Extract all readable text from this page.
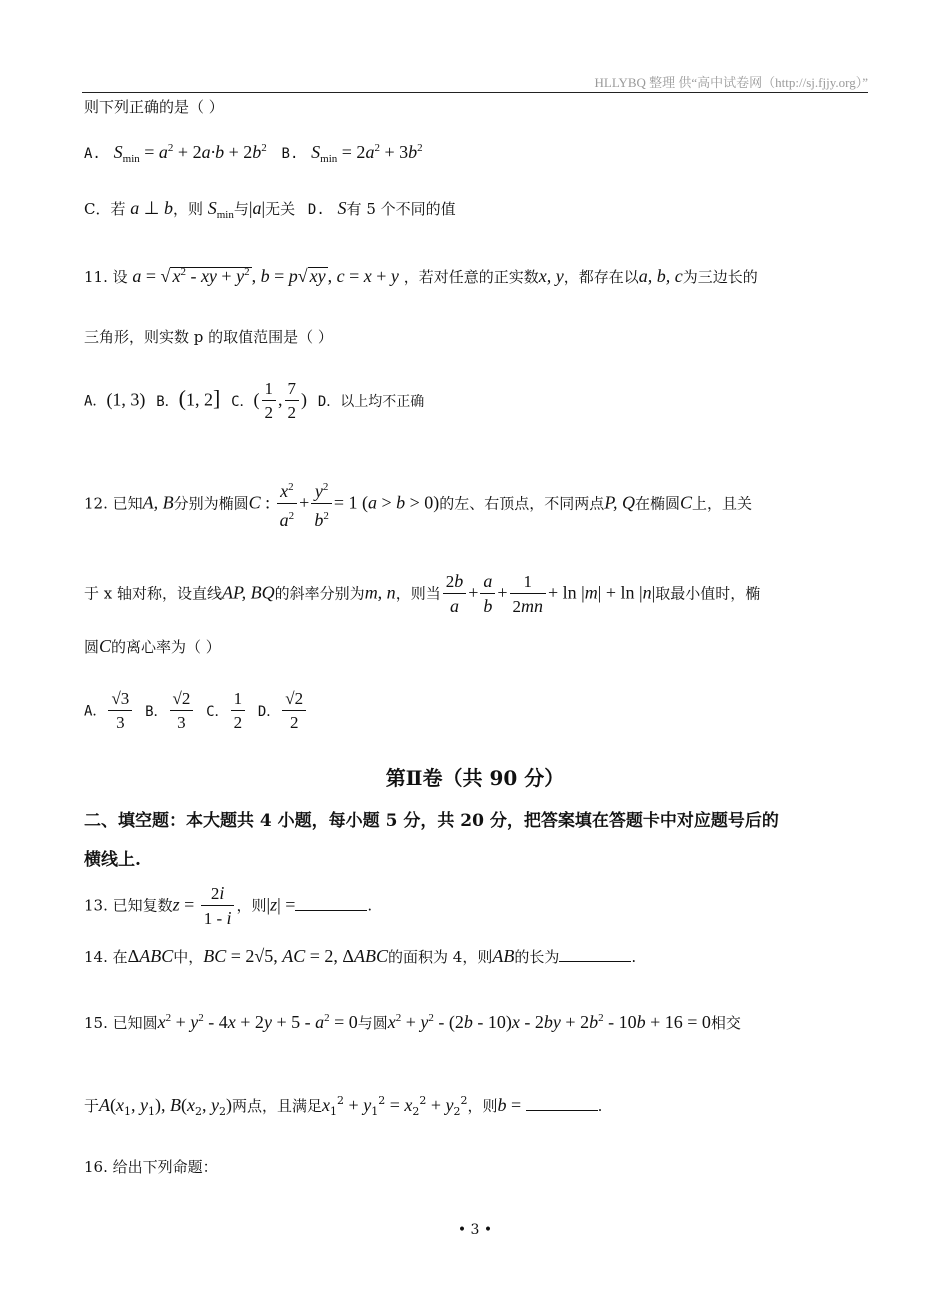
HLLYBQ 整理 供“高中试卷网（http://sj.fjjy.org）”
则下列正确的是（ ）
A. $S_{min} = a^2 + 2a\cdot b + 2b^2$ B. $S_{min} = 2a^2 + 3b^2$
C．若 a ⊥ b，则 $S_{min}$与|a|无关 D. S有 5 个不同的值
11. 设 a = √ $x^2$ - xy + $y^2$ , b = p√ xy , c = x + y ，若对任意的正实数x, y，都存在以a, b, c为三边长的
三角形，则实数 p 的取值范围是（ ）
A．(1, 3) B．(1, 2] C．( $\frac{1}{2}$ , $\frac{7}{2}$ ) D．以上均不正确
12. 已知A, B分别为椭圆C : $\frac{x^2}{a^2} + \frac{y^2}{b^2} = 1$ (a > b > 0)的左、右顶点，不同两点P, Q在椭圆C上，且关
于 x 轴对称，设直线AP, BQ的斜率分别为m, n，则当 $\frac{2b}{a} + \frac{a}{b} + \frac{1}{2mn} + \ln |m| + \ln |n|$取最小值时，椭
圆C的离心率为（ ）
A． $\frac{√3}{3}$ B． $\frac{√2}{3}$ C． $\frac{1}{2}$ D． $\frac{√2}{2}$
第Ⅱ卷（共 90 分）
二、填空题：本大题共 4 小题，每小题 5 分，共 20 分，把答案填在答题卡中对应题号后的
横线上.
13. 已知复数$z = \frac{2i}{1 - i}$ ，则|z| =	.
14. 在ΔABC中，BC = 2√5, AC = 2, ΔABC的面积为 4，则AB的长为	.
15. 已知圆$x^2 + y^2 - 4x + 2y + 5 - a^2 = 0$与圆$x^2 + y^2 - (2b - 10)x - 2by + 2b^2 - 10b + 16 = 0$相交
于$A(x_1$, $y_1$), $B(x_2$, $y_2$)两点，且满足$x_1^2 + y_1^2 = x_2^2 + y_2^2$，则b =	.
16. 给出下列命题：
• 3 •
